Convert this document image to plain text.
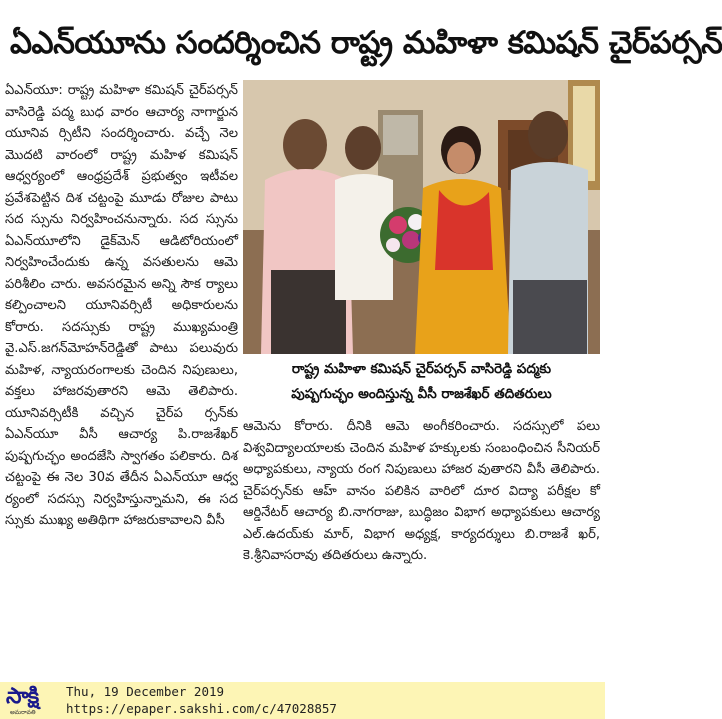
ఏఎన్‌యూను సందర్శించిన రాష్ట్ర మహిళా కమిషన్ చైర్‌పర్సన్

ఏఎన్‌యూ: రాష్ట్ర మహిళా కమిషన్ చైర్‌పర్సన్ వాసిరెడ్డి పద్మ బుధ వారం ఆచార్య నాగార్జున యూనివ ర్సిటీని సందర్శించారు. వచ్చే నెల మొదటి వారంలో రాష్ట్ర మహిళ కమిషన్ ఆధ్వర్యంలో ఆంధ్రప్రదేశ్ ప్రభుత్వం ఇటీవల ప్రవేశపెట్టిన దిశ చట్టంపై మూడు రోజుల పాటు సద స్సును నిర్వహించనున్నారు. సద స్సును ఏఎన్‌యూలోని డైక్‌మెన్ ఆడిటోరియంలో నిర్వహించేందుకు ఉన్న వసతులను ఆమె పరిశీలిం చారు. అవసరమైన అన్ని సౌక ర్యాలు కల్పించాలని యూనివర్సిటీ అధికారులను కోరారు. సదస్సుకు రాష్ట్ర ముఖ్యమంత్రి వై.ఎస్.జగన్‌మోహన్‌రెడ్డితో పాటు పలువురు మహిళ, న్యాయరంగాలకు చెందిన నిపుణులు, వక్తలు హాజరవుతారని ఆమె తెలిపారు. యూనివర్సిటీకి వచ్చిన చైర్‌ప ర్సన్‌కు ఏఎన్‌యూ వీసీ ఆచార్య పి.రాజశేఖర్ పుష్పగుచ్ఛం అందజేసి స్వాగతం పలికారు. దిశ చట్టంపై ఈ నెల 30వ తేదీన ఏఎన్‌యూ ఆధ్వ ర్యంలో సదస్సు నిర్వహిస్తున్నామని, ఈ సద స్సుకు ముఖ్య అతిథిగా హాజరుకావాలని వీసీ

రాష్ట్ర మహిళా కమిషన్ చైర్‌పర్సన్ వాసిరెడ్డి పద్మకు
పుష్పగుచ్ఛం అందిస్తున్న వీసీ రాజశేఖర్ తదితరులు

ఆమెను కోరారు. దీనికి ఆమె అంగీకరించారు. సదస్సులో పలు విశ్వవిద్యాలయాలకు చెందిన మహిళ హక్కులకు సంబంధించిన సీనియర్ అధ్యాపకులు, న్యాయ రంగ నిపుణులు హాజర వుతారని వీసీ తెలిపారు. చైర్‌పర్సన్‌కు ఆహ్ వానం పలికిన వారిలో దూర విద్యా పరీక్షల కో ఆర్డినేటర్ ఆచార్య బి.నాగరాజు, బుద్ధిజం విభాగ అధ్యాపకులు ఆచార్య ఎల్.ఉదయ్‌కు మార్, విభాగ అధ్యక్ష, కార్యదర్శులు బి.రాజశే ఖర్, కె.శ్రీనివాసరావు తదితరులు ఉన్నారు.

సాక్షి
అమరావతి
Thu, 19 December 2019
https://epaper.sakshi.com/c/47028857
